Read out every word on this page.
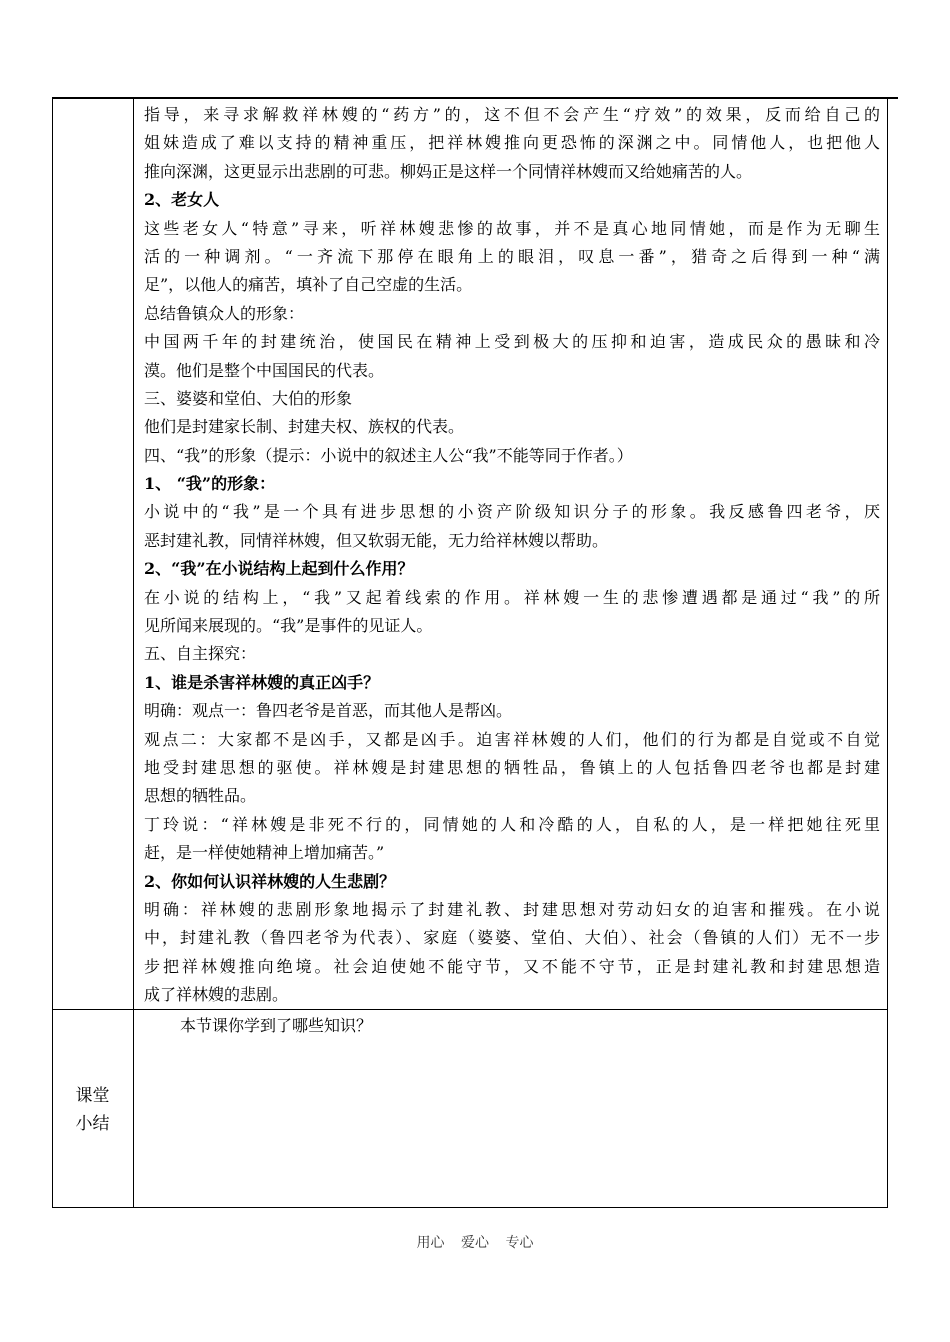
指导，来寻求解救祥林嫂的“药方”的，这不但不会产生“疗效”的效果，反而给自己的

姐妹造成了难以支持的精神重压，把祥林嫂推向更恐怖的深渊之中。同情他人，也把他人

推向深渊，这更显示出悲剧的可悲。柳妈正是这样一个同情祥林嫂而又给她痛苦的人。

2、老女人

这些老女人“特意”寻来，听祥林嫂悲惨的故事，并不是真心地同情她，而是作为无聊生

活的一种调剂。“一齐流下那停在眼角上的眼泪，叹息一番”，猎奇之后得到一种“满

足”，以他人的痛苦，填补了自己空虚的生活。

总结鲁镇众人的形象：

中国两千年的封建统治，使国民在精神上受到极大的压抑和迫害，造成民众的愚昧和冷

漠。他们是整个中国国民的代表。

三、婆婆和堂伯、大伯的形象

他们是封建家长制、封建夫权、族权的代表。

四、“我”的形象（提示：小说中的叙述主人公“我”不能等同于作者。）

1、 “我”的形象：

小说中的“我”是一个具有进步思想的小资产阶级知识分子的形象。我反感鲁四老爷，厌

恶封建礼教，同情祥林嫂，但又软弱无能，无力给祥林嫂以帮助。

2、“我”在小说结构上起到什么作用？

在小说的结构上，“我”又起着线索的作用。祥林嫂一生的悲惨遭遇都是通过“我”的所

见所闻来展现的。“我”是事件的见证人。

五、自主探究：

1、谁是杀害祥林嫂的真正凶手？

明确：观点一：鲁四老爷是首恶，而其他人是帮凶。

观点二：大家都不是凶手，又都是凶手。迫害祥林嫂的人们，他们的行为都是自觉或不自觉

地受封建思想的驱使。祥林嫂是封建思想的牺牲品，鲁镇上的人包括鲁四老爷也都是封建

思想的牺牲品。

丁玲说：“祥林嫂是非死不行的，同情她的人和冷酷的人，自私的人，是一样把她往死里

赶，是一样使她精神上增加痛苦。”

2、你如何认识祥林嫂的人生悲剧？

明确：祥林嫂的悲剧形象地揭示了封建礼教、封建思想对劳动妇女的迫害和摧残。在小说

中，封建礼教（鲁四老爷为代表）、家庭（婆婆、堂伯、大伯）、社会（鲁镇的人们）无不一步

步把祥林嫂推向绝境。社会迫使她不能守节，又不能不守节，正是封建礼教和封建思想造

成了祥林嫂的悲剧。

课堂
小结
本节课你学到了哪些知识？
用心 爱心 专心
